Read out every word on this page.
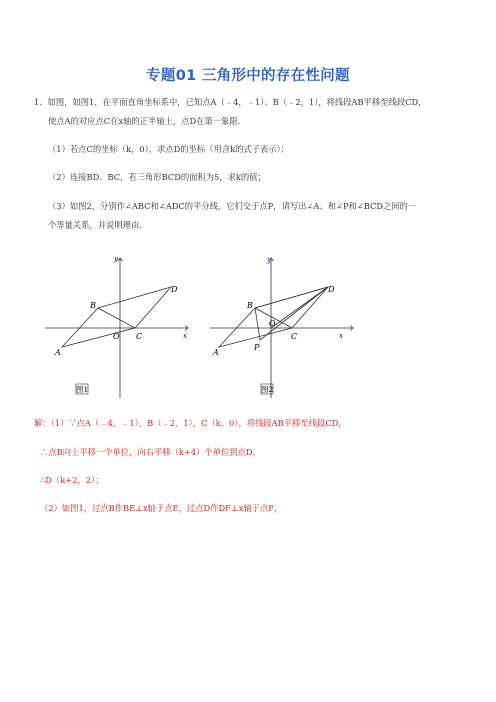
专题01 三角形中的存在性问题
1、如图，如图1，在平面直角坐标系中，已知点A（﹣4，﹣1）、B（﹣2，1），将线段AB平移至线段CD，
使点A的对应点C在x轴的正半轴上，点D在第一象限．
（1）若点C的坐标（k，0），求点D的坐标（用含k的式子表示）；
（2）连接BD、BC，若三角形BCD的面积为5，求k的值；
（3）如图2，分别作∠ABC和∠ADC的平分线，它们交于点P，请写出∠A、和∠P和∠BCD之间的一
个等量关系，并说明理由．
y
x
A
B
C
D
O
图1
y
x
A
B
C
D
O
P
图2
解：（1）∵点A（﹣4，﹣1），B（﹣2，1），C（k，0），将线段AB平移至线段CD，
∴点B向上平移一个单位，向右平移（k+4）个单位到点D，
∴D（k+2，2）；
（2）如图1，过点B作BE⊥x轴于点E，过点D作DF⊥x轴于点F，
